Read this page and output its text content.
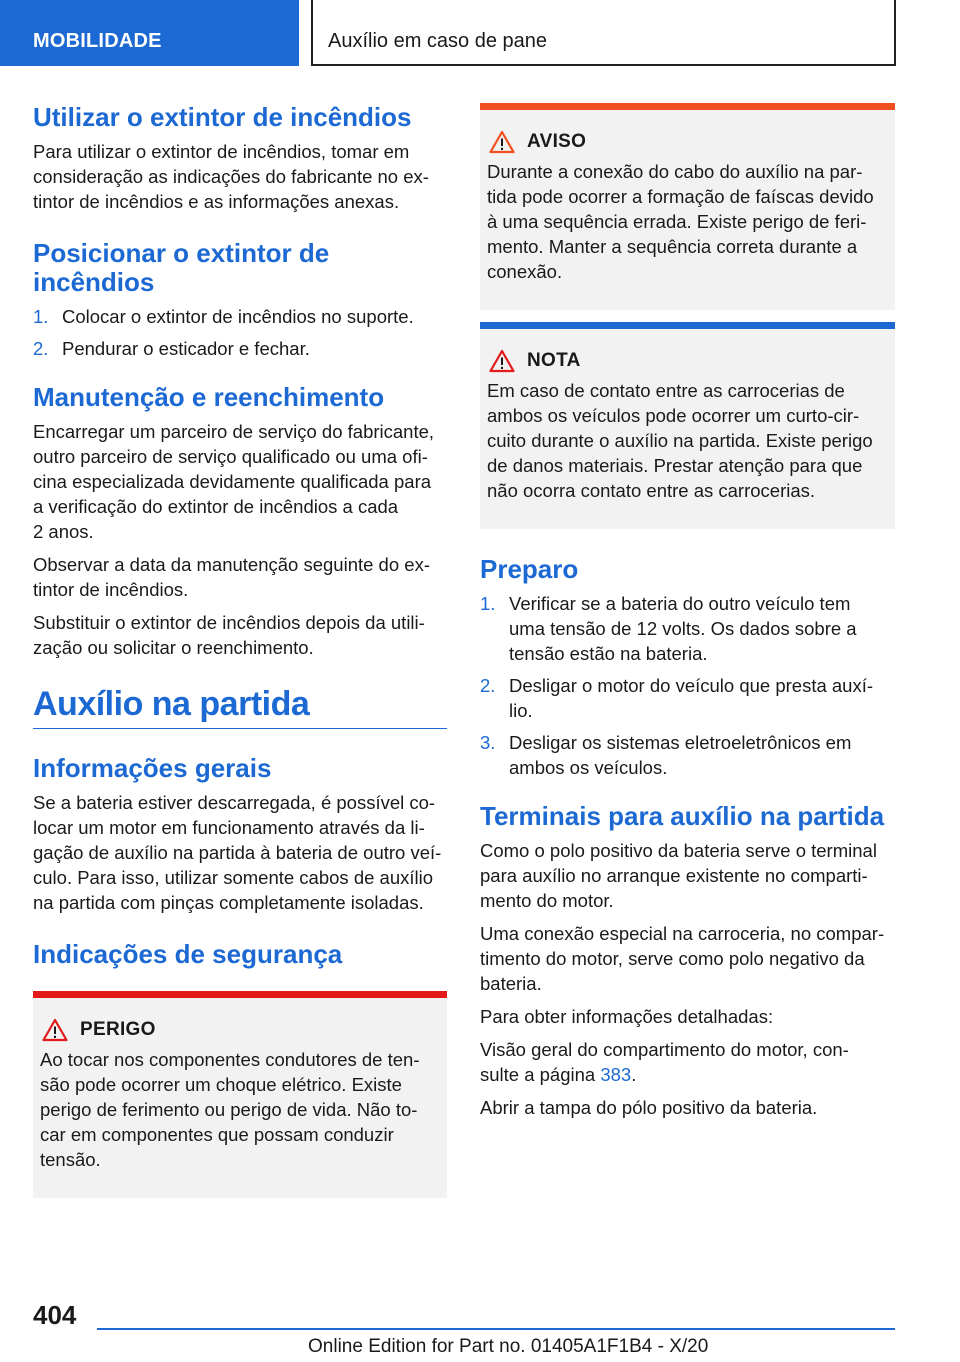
MOBILIDADE	Auxílio em caso de pane
Utilizar o extintor de incêndios

Para utilizar o extintor de incêndios, tomar em
consideração as indicações do fabricante no ex-
tintor de incêndios e as informações anexas.

Posicionar o extintor de
incêndios
1. Colocar o extintor de incêndios no suporte.
2. Pendurar o esticador e fechar.
Manutenção e reenchimento

Encarregar um parceiro de serviço do fabricante,
outro parceiro de serviço qualificado ou uma ofi-
cina especializada devidamente qualificada para
a verificação do extintor de incêndios a cada
2 anos.

Observar a data da manutenção seguinte do ex-
tintor de incêndios.

Substituir o extintor de incêndios depois da utili-
zação ou solicitar o reenchimento.

Auxílio na partida
Informações gerais

Se a bateria estiver descarregada, é possível co-
locar um motor em funcionamento através da li-
gação de auxílio na partida à bateria de outro veí-
culo. Para isso, utilizar somente cabos de auxílio
na partida com pinças completamente isoladas.

Indicações de segurança
PERIGO

Ao tocar nos componentes condutores de ten-
são pode ocorrer um choque elétrico. Existe
perigo de ferimento ou perigo de vida. Não to-
car em componentes que possam conduzir
tensão.

AVISO

Durante a conexão do cabo do auxílio na par-
tida pode ocorrer a formação de faíscas devido
à uma sequência errada. Existe perigo de feri-
mento. Manter a sequência correta durante a
conexão.

NOTA

Em caso de contato entre as carrocerias de
ambos os veículos pode ocorrer um curto-cir-
cuito durante o auxílio na partida. Existe perigo
de danos materiais. Prestar atenção para que
não ocorra contato entre as carrocerias.

Preparo
1. Verificar se a bateria do outro veículo tem
uma tensão de 12 volts. Os dados sobre a
tensão estão na bateria.
2. Desligar o motor do veículo que presta auxí-
lio.
3. Desligar os sistemas eletroeletrônicos em
ambos os veículos.
Terminais para auxílio na partida

Como o polo positivo da bateria serve o terminal
para auxílio no arranque existente no comparti-
mento do motor.

Uma conexão especial na carroceria, no compar-
timento do motor, serve como polo negativo da
bateria.

Para obter informações detalhadas:

Visão geral do compartimento do motor, con-
sulte a página 383.

Abrir a tampa do pólo positivo da bateria.

404
Online Edition for Part no. 01405A1F1B4 - X/20
